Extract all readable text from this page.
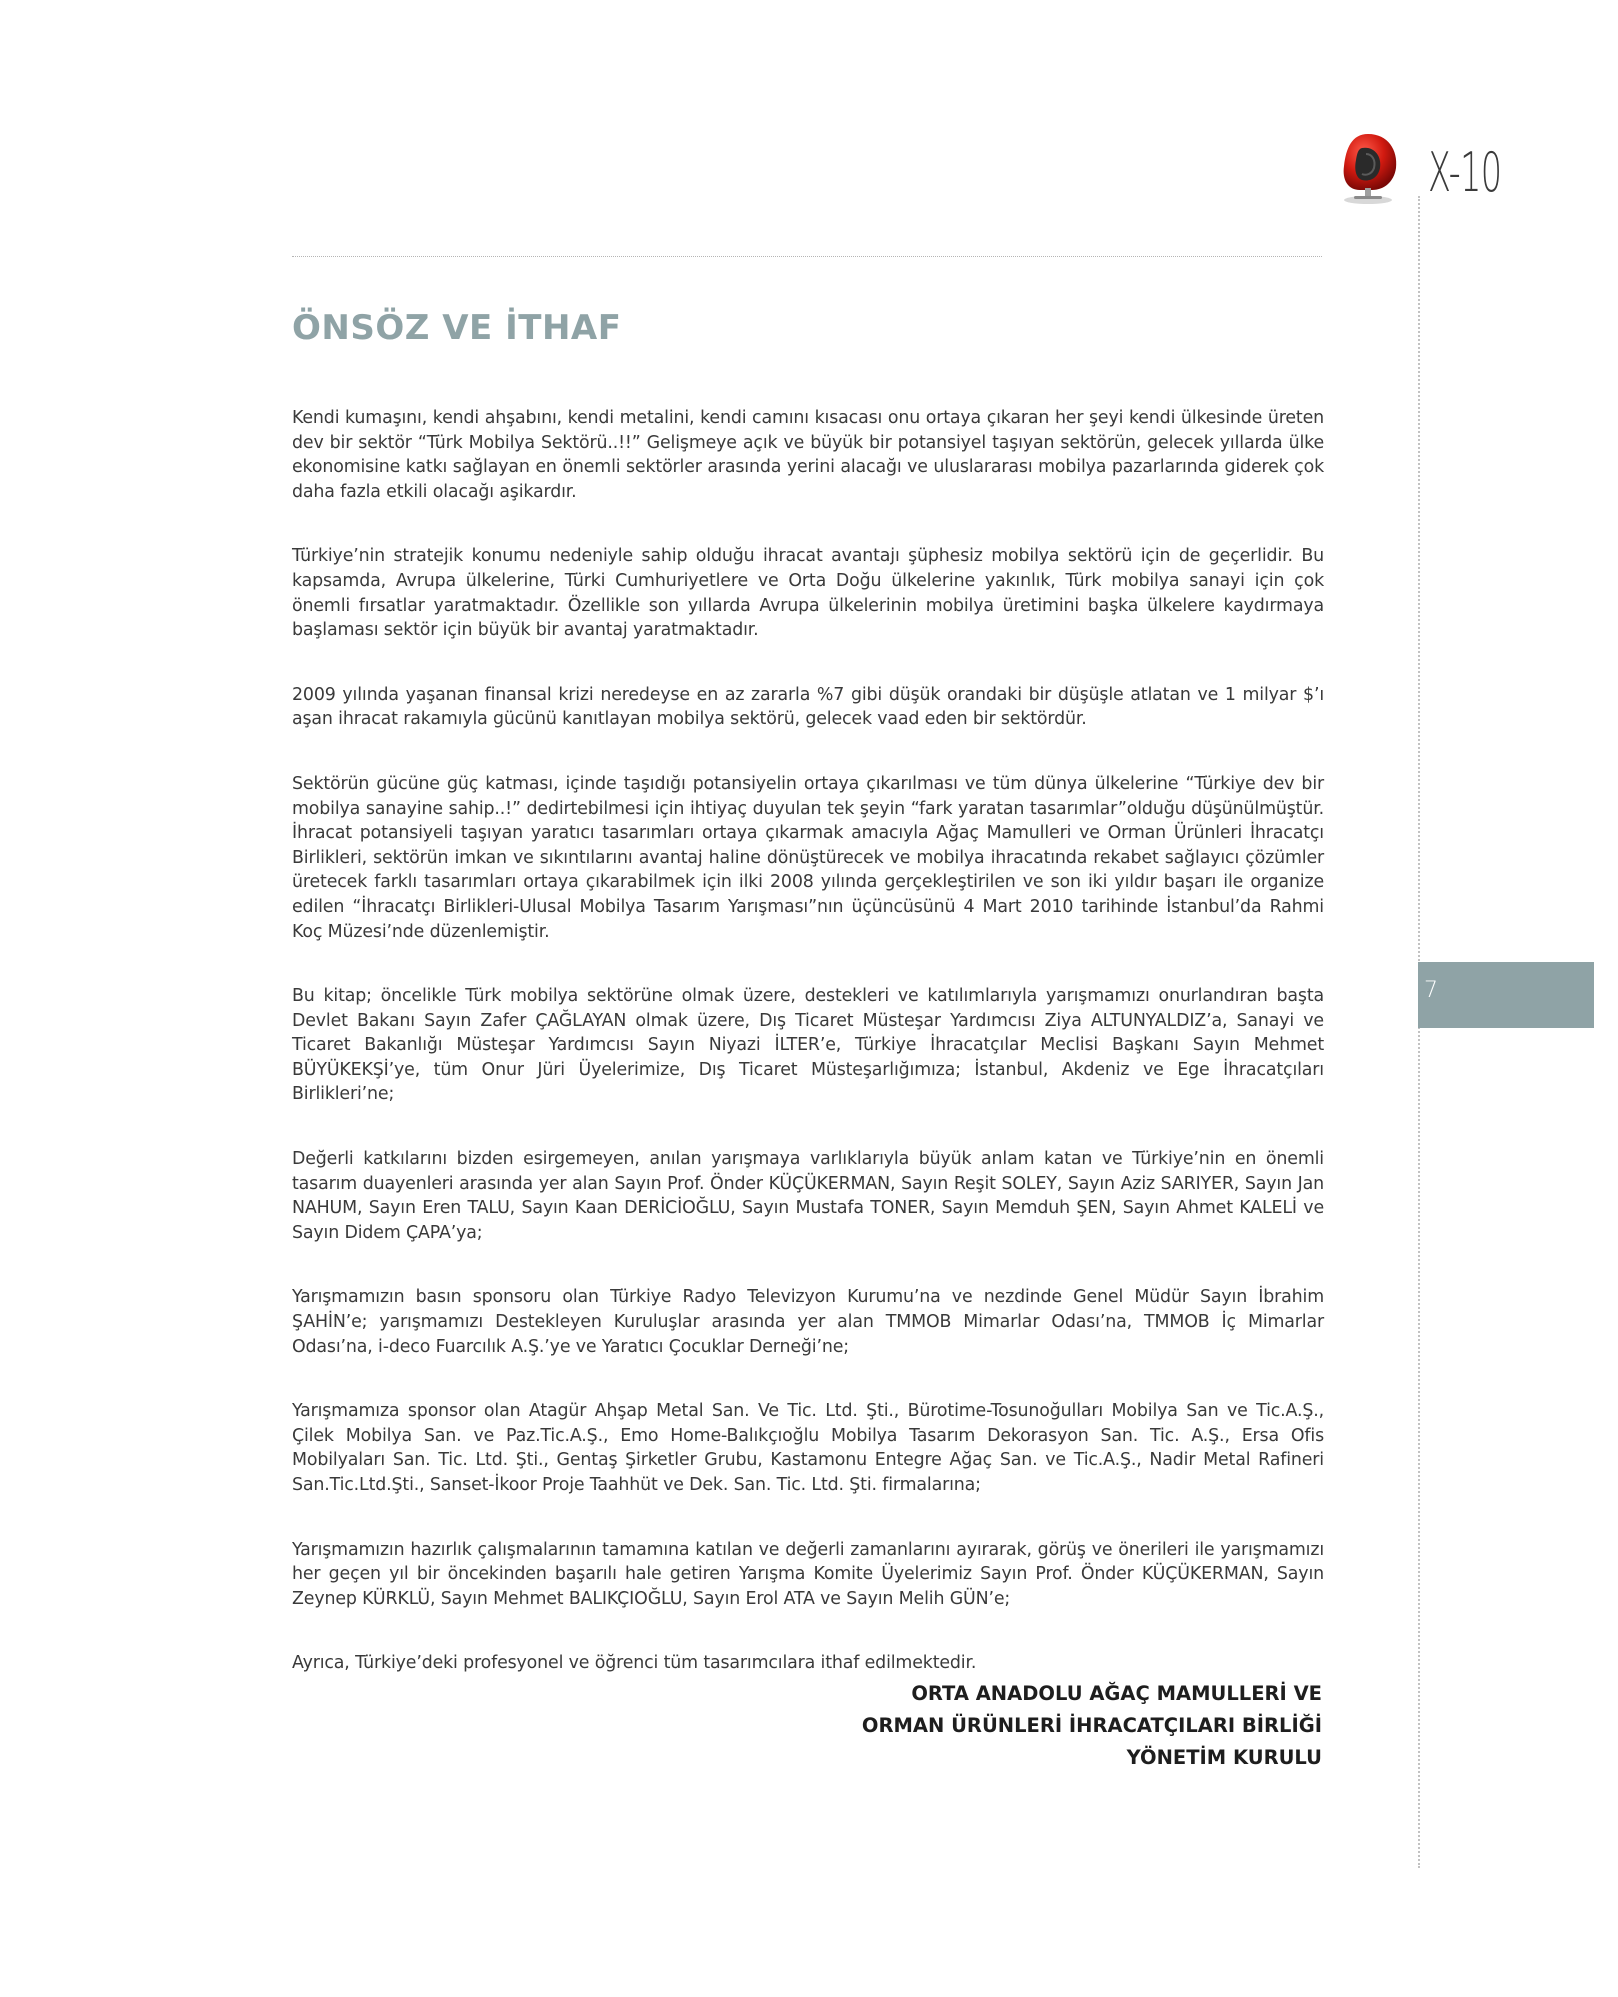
X-10
7
ÖNSÖZ VE İTHAF

Kendi kumaşını, kendi ahşabını, kendi metalini, kendi camını kısacası onu ortaya çıkaran her şeyi kendi ülkesinde üreten dev bir sektör “Türk Mobilya Sektörü..!!” Gelişmeye açık ve büyük bir potansiyel taşıyan sektörün, gelecek yıllarda ülke ekonomisine katkı sağlayan en önemli sektörler arasında yerini alacağı ve uluslararası mobilya pazarlarında giderek çok daha fazla etkili olacağı aşikardır.

Türkiye’nin stratejik konumu nedeniyle sahip olduğu ihracat avantajı şüphesiz mobilya sektörü için de geçerlidir. Bu kapsamda, Avrupa ülkelerine, Türki Cumhuriyetlere ve Orta Doğu ülkelerine yakınlık, Türk mobilya sanayi için çok önemli fırsatlar yaratmaktadır. Özellikle son yıllarda Avrupa ülkelerinin mobilya üretimini başka ülkelere kaydırmaya başlaması sektör için büyük bir avantaj yaratmaktadır.

2009 yılında yaşanan finansal krizi neredeyse en az zararla %7 gibi düşük orandaki bir düşüşle atlatan ve 1 milyar $’ı aşan ihracat rakamıyla gücünü kanıtlayan mobilya sektörü, gelecek vaad eden bir sektördür.

Sektörün gücüne güç katması, içinde taşıdığı potansiyelin ortaya çıkarılması ve tüm dünya ülkelerine “Türkiye dev bir mobilya sanayine sahip..!” dedirtebilmesi için ihtiyaç duyulan tek şeyin “fark yaratan tasarımlar”olduğu düşünülmüştür. İhracat potansiyeli taşıyan yaratıcı tasarımları ortaya çıkarmak amacıyla Ağaç Mamulleri ve Orman Ürünleri İhracatçı Birlikleri, sektörün imkan ve sıkıntılarını avantaj haline dönüştürecek ve mobilya ihracatında rekabet sağlayıcı çözümler üretecek farklı tasarımları ortaya çıkarabilmek için ilki 2008 yılında gerçekleştirilen ve son iki yıldır başarı ile organize edilen “İhracatçı Birlikleri-Ulusal Mobilya Tasarım Yarışması”nın üçüncüsünü 4 Mart 2010 tarihinde İstanbul’da Rahmi Koç Müzesi’nde düzenlemiştir.

Bu kitap; öncelikle Türk mobilya sektörüne olmak üzere, destekleri ve katılımlarıyla yarışmamızı onurlandıran başta Devlet Bakanı Sayın Zafer ÇAĞLAYAN olmak üzere, Dış Ticaret Müsteşar Yardımcısı Ziya ALTUNYALDIZ’a, Sanayi ve Ticaret Bakanlığı Müsteşar Yardımcısı Sayın Niyazi İLTER’e, Türkiye İhracatçılar Meclisi Başkanı Sayın Mehmet BÜYÜKEKŞİ’ye, tüm Onur Jüri Üyelerimize, Dış Ticaret Müsteşarlığımıza; İstanbul, Akdeniz ve Ege İhracatçıları Birlikleri’ne;

Değerli katkılarını bizden esirgemeyen, anılan yarışmaya varlıklarıyla büyük anlam katan ve Türkiye’nin en önemli tasarım duayenleri arasında yer alan Sayın Prof. Önder KÜÇÜKERMAN, Sayın Reşit SOLEY, Sayın Aziz SARIYER, Sayın Jan NAHUM, Sayın Eren TALU, Sayın Kaan DERİCİOĞLU, Sayın Mustafa TONER, Sayın Memduh ŞEN, Sayın Ahmet KALELİ ve Sayın Didem ÇAPA’ya;

Yarışmamızın basın sponsoru olan Türkiye Radyo Televizyon Kurumu’na ve nezdinde Genel Müdür Sayın İbrahim ŞAHİN’e; yarışmamızı Destekleyen Kuruluşlar arasında yer alan TMMOB Mimarlar Odası’na, TMMOB İç Mimarlar Odası’na, i-deco Fuarcılık A.Ş.’ye ve Yaratıcı Çocuklar Derneği’ne;

Yarışmamıza sponsor olan Atagür Ahşap Metal San. Ve Tic. Ltd. Şti., Bürotime-Tosunoğulları Mobilya San ve Tic.A.Ş., Çilek Mobilya San. ve Paz.Tic.A.Ş., Emo Home-Balıkçıoğlu Mobilya Tasarım Dekorasyon San. Tic. A.Ş., Ersa Ofis Mobilyaları San. Tic. Ltd. Şti., Gentaş Şirketler Grubu, Kastamonu Entegre Ağaç San. ve Tic.A.Ş., Nadir Metal Rafineri San.Tic.Ltd.Şti., Sanset-İkoor Proje Taahhüt ve Dek. San. Tic. Ltd. Şti. firmalarına;

Yarışmamızın hazırlık çalışmalarının tamamına katılan ve değerli zamanlarını ayırarak, görüş ve önerileri ile yarışmamızı her geçen yıl bir öncekinden başarılı hale getiren Yarışma Komite Üyelerimiz Sayın Prof. Önder KÜÇÜKERMAN, Sayın Zeynep KÜRKLÜ, Sayın Mehmet BALIKÇIOĞLU, Sayın Erol ATA ve Sayın Melih GÜN’e;

Ayrıca, Türkiye’deki profesyonel ve öğrenci tüm tasarımcılara ithaf edilmektedir.

ORTA ANADOLU AĞAÇ MAMULLERİ VE
ORMAN ÜRÜNLERİ İHRACATÇILARI BİRLİĞİ
YÖNETİM KURULU
